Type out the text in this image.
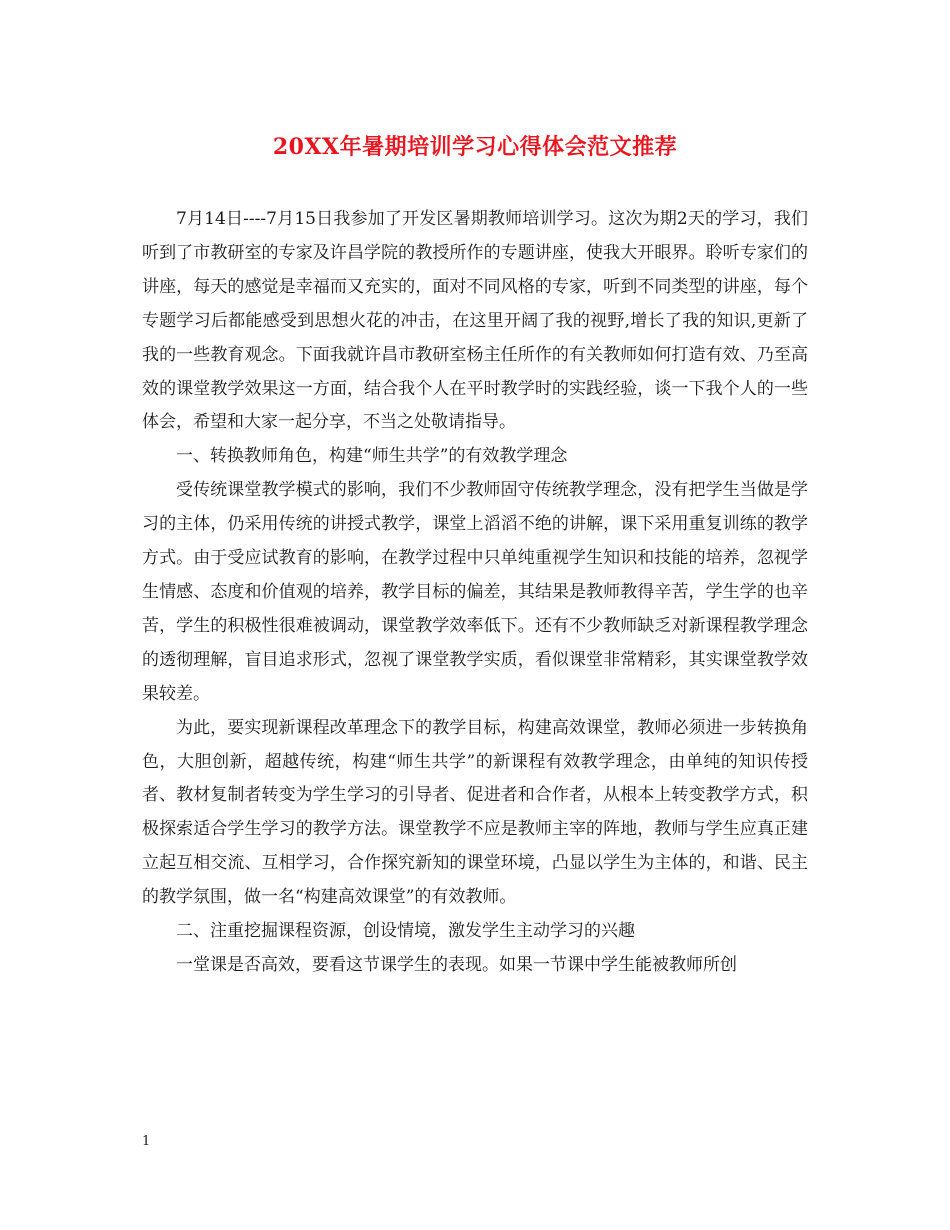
20XX年暑期培训学习心得体会范文推荐

7月14日----7月15日我参加了开发区暑期教师培训学习。这次为期2天的学习，我们听到了市教研室的专家及许昌学院的教授所作的专题讲座，使我大开眼界。聆听专家们的讲座，每天的感觉是幸福而又充实的，面对不同风格的专家，听到不同类型的讲座，每个专题学习后都能感受到思想火花的冲击，在这里开阔了我的视野,增长了我的知识,更新了我的一些教育观念。下面我就许昌市教研室杨主任所作的有关教师如何打造有效、乃至高效的课堂教学效果这一方面，结合我个人在平时教学时的实践经验，谈一下我个人的一些体会，希望和大家一起分享，不当之处敬请指导。

一、转换教师角色，构建“师生共学”的有效教学理念

受传统课堂教学模式的影响，我们不少教师固守传统教学理念，没有把学生当做是学习的主体，仍采用传统的讲授式教学，课堂上滔滔不绝的讲解，课下采用重复训练的教学方式。由于受应试教育的影响，在教学过程中只单纯重视学生知识和技能的培养，忽视学生情感、态度和价值观的培养，教学目标的偏差，其结果是教师教得辛苦，学生学的也辛苦，学生的积极性很难被调动，课堂教学效率低下。还有不少教师缺乏对新课程教学理念的透彻理解，盲目追求形式，忽视了课堂教学实质，看似课堂非常精彩，其实课堂教学效果较差。

为此，要实现新课程改革理念下的教学目标，构建高效课堂，教师必须进一步转换角色，大胆创新，超越传统，构建“师生共学”的新课程有效教学理念，由单纯的知识传授者、教材复制者转变为学生学习的引导者、促进者和合作者，从根本上转变教学方式，积极探索适合学生学习的教学方法。课堂教学不应是教师主宰的阵地，教师与学生应真正建立起互相交流、互相学习，合作探究新知的课堂环境，凸显以学生为主体的，和谐、民主的教学氛围，做一名“构建高效课堂”的有效教师。

二、注重挖掘课程资源，创设情境，激发学生主动学习的兴趣

一堂课是否高效，要看这节课学生的表现。如果一节课中学生能被教师所创

1
